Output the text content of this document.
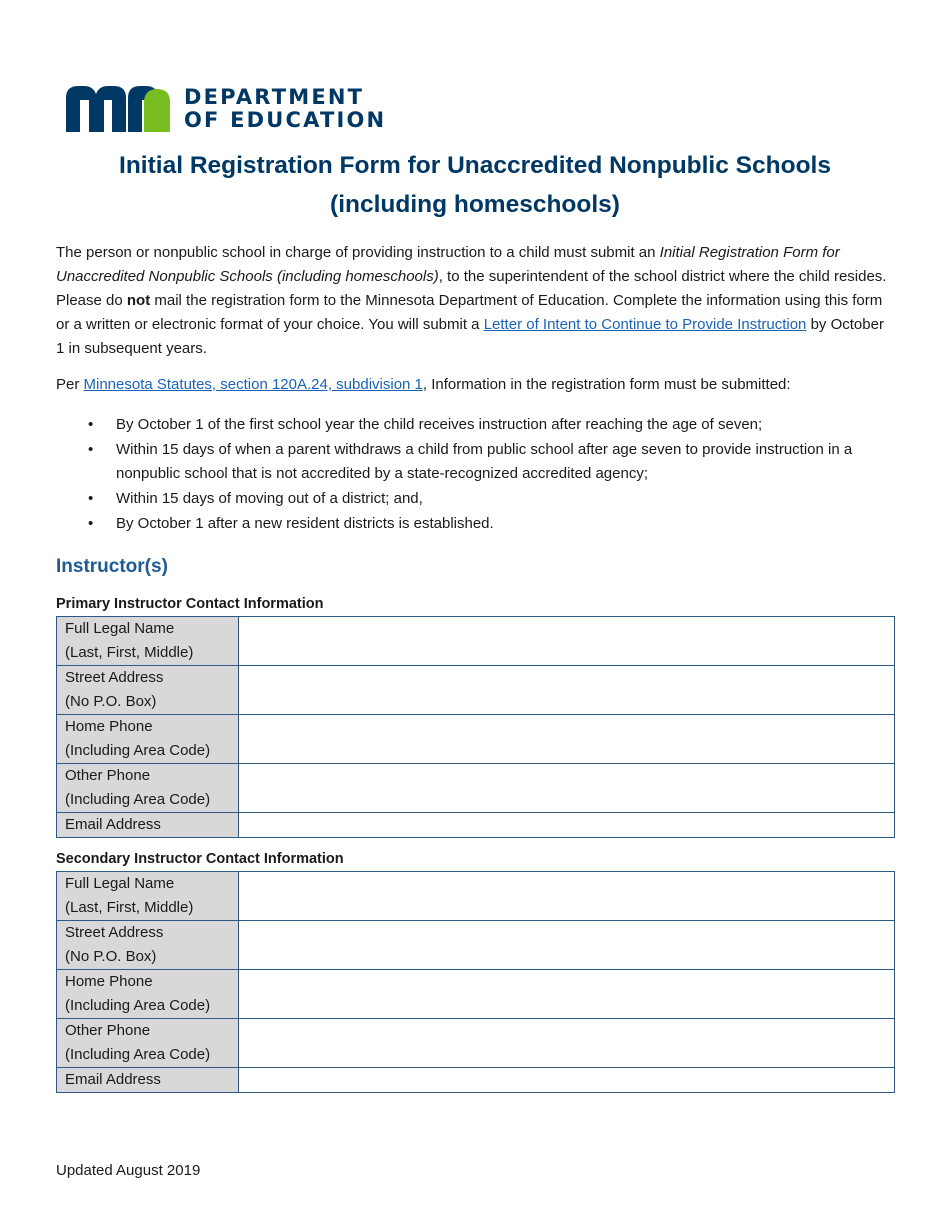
DEPARTMENT
OF EDUCATION
Initial Registration Form for Unaccredited Nonpublic Schools
(including homeschools)
The person or nonpublic school in charge of providing instruction to a child must submit an Initial Registration Form for Unaccredited Nonpublic Schools (including homeschools), to the superintendent of the school district where the child resides. Please do not mail the registration form to the Minnesota Department of Education. Complete the information using this form or a written or electronic format of your choice. You will submit a Letter of Intent to Continue to Provide Instruction by October 1 in subsequent years.
Per Minnesota Statutes, section 120A.24, subdivision 1, Information in the registration form must be submitted:
• By October 1 of the first school year the child receives instruction after reaching the age of seven;
• Within 15 days of when a parent withdraws a child from public school after age seven to provide instruction in a nonpublic school that is not accredited by a state-recognized accredited agency;
• Within 15 days of moving out of a district; and,
• By October 1 after a new resident districts is established.
Instructor(s)
Primary Instructor Contact Information
Full Legal Name
(Last, First, Middle)	

Street Address
(No P.O. Box)	

Home Phone
(Including Area Code)	

Other Phone
(Including Area Code)	

Email Address	

Secondary Instructor Contact Information
Full Legal Name
(Last, First, Middle)	

Street Address
(No P.O. Box)	

Home Phone
(Including Area Code)	

Other Phone
(Including Area Code)	

Email Address	

Updated August 2019
